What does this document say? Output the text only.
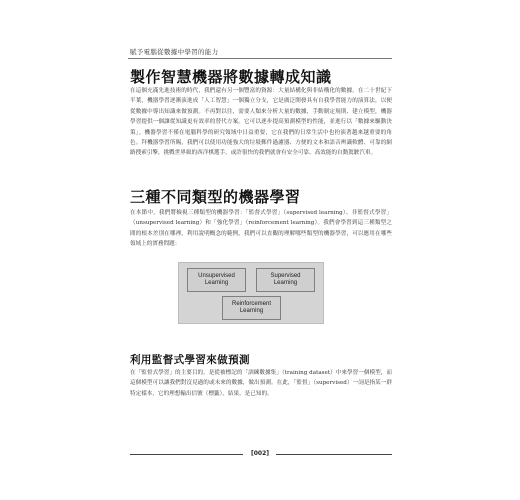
賦予電腦從數據中學習的能力
製作智慧機器將數據轉成知識
在這個充滿先進技術的時代，我們還有另一個豐富的資源：大量結構化與非結構化的數據。在二十世紀下半葉，機器學習逐漸演進成「人工智慧」一個獨立分支，它是廣泛開發具有自我學習能力的演算法，以便從數據中導出知識來做預測。不再對以往，需要人類來分析大量的數據，手動制定規則、建立模型，機器學習提供一個讓從知識更有效率的替代方案。它可以逐步提高預測模型的性能，並進行以「數據來驅動決策」。機器學習不僅在電腦科學的研究領域中日益重要，它在我們的日常生活中也扮演著越來越重要的角色。拜機器學習所賜，我們可以使用功能強大的垃圾郵件過濾器、方便的文本和語音辨識軟體、可靠的網路搜索引擎，挑戰世界級的西洋棋選手，或許很快的我們就會有安全可靠、高效能的自動駕駛汽車。
三種不同類型的機器學習
在本節中，我們將檢視三種類型的機器學習：「監督式學習」（supervised learning）、非監督式學習」（unsupervised learning）和「強化學習」（reinforcement learning）。我們會學習到這三種類型之間的根本差別在哪裡，利用說明概念的範例，我們可以直觀的理解哪些類型的機器學習，可以應用在哪些領域上的實務問題：
Unsupervised
Learning
Supervised
Learning
Reinforcement
Learning
利用監督式學習來做預測
在「監督式學習」的主要目的，是從被標記的「訓練數據集」（training dataset）中來學習一個模型，而這個模型可以讓我們對沒見過的或未來的數據，做出預測。在此，「監督」（supervised）一詞是指某一群特定樣本，它的理想輸出信號（標籤），結果，是已知的。
[002]
